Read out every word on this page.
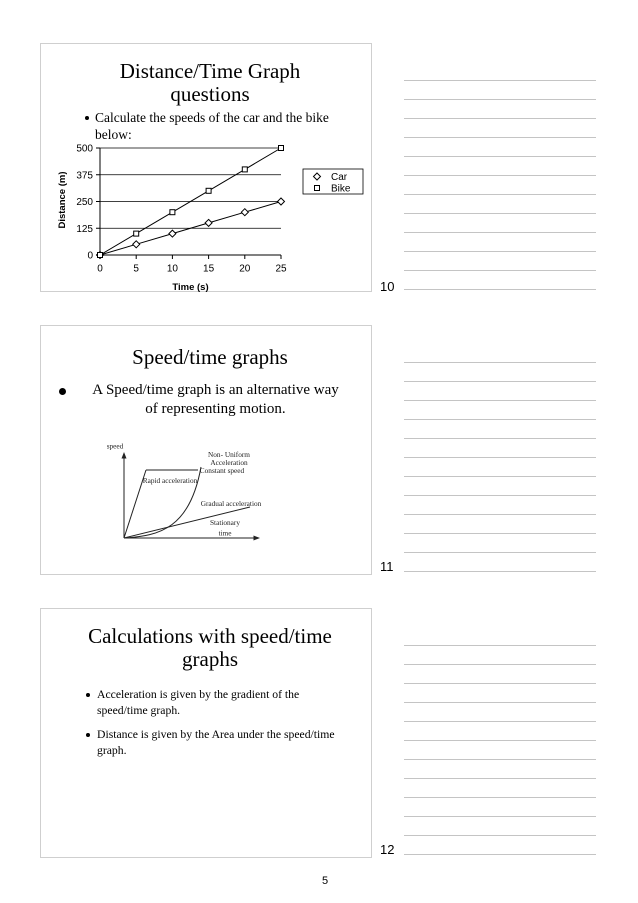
Distance/Time Graph questions
Calculate the speeds of the car and the bike below:
0
125
250
375
500
0	5	10	15	20	25
Time (s)
Distance (m)	Car
Bike
10
Speed/time graphs
A Speed/time graph is an alternative way of representing motion.
speed
Non- Uniform
Acceleration
Constant speed
Rapid acceleration
Gradual acceleration
Stationary
time
11
Calculations with speed/time graphs
Acceleration is given by the gradient of the speed/time graph.
Distance is given by the Area under the speed/time graph.
12
5
